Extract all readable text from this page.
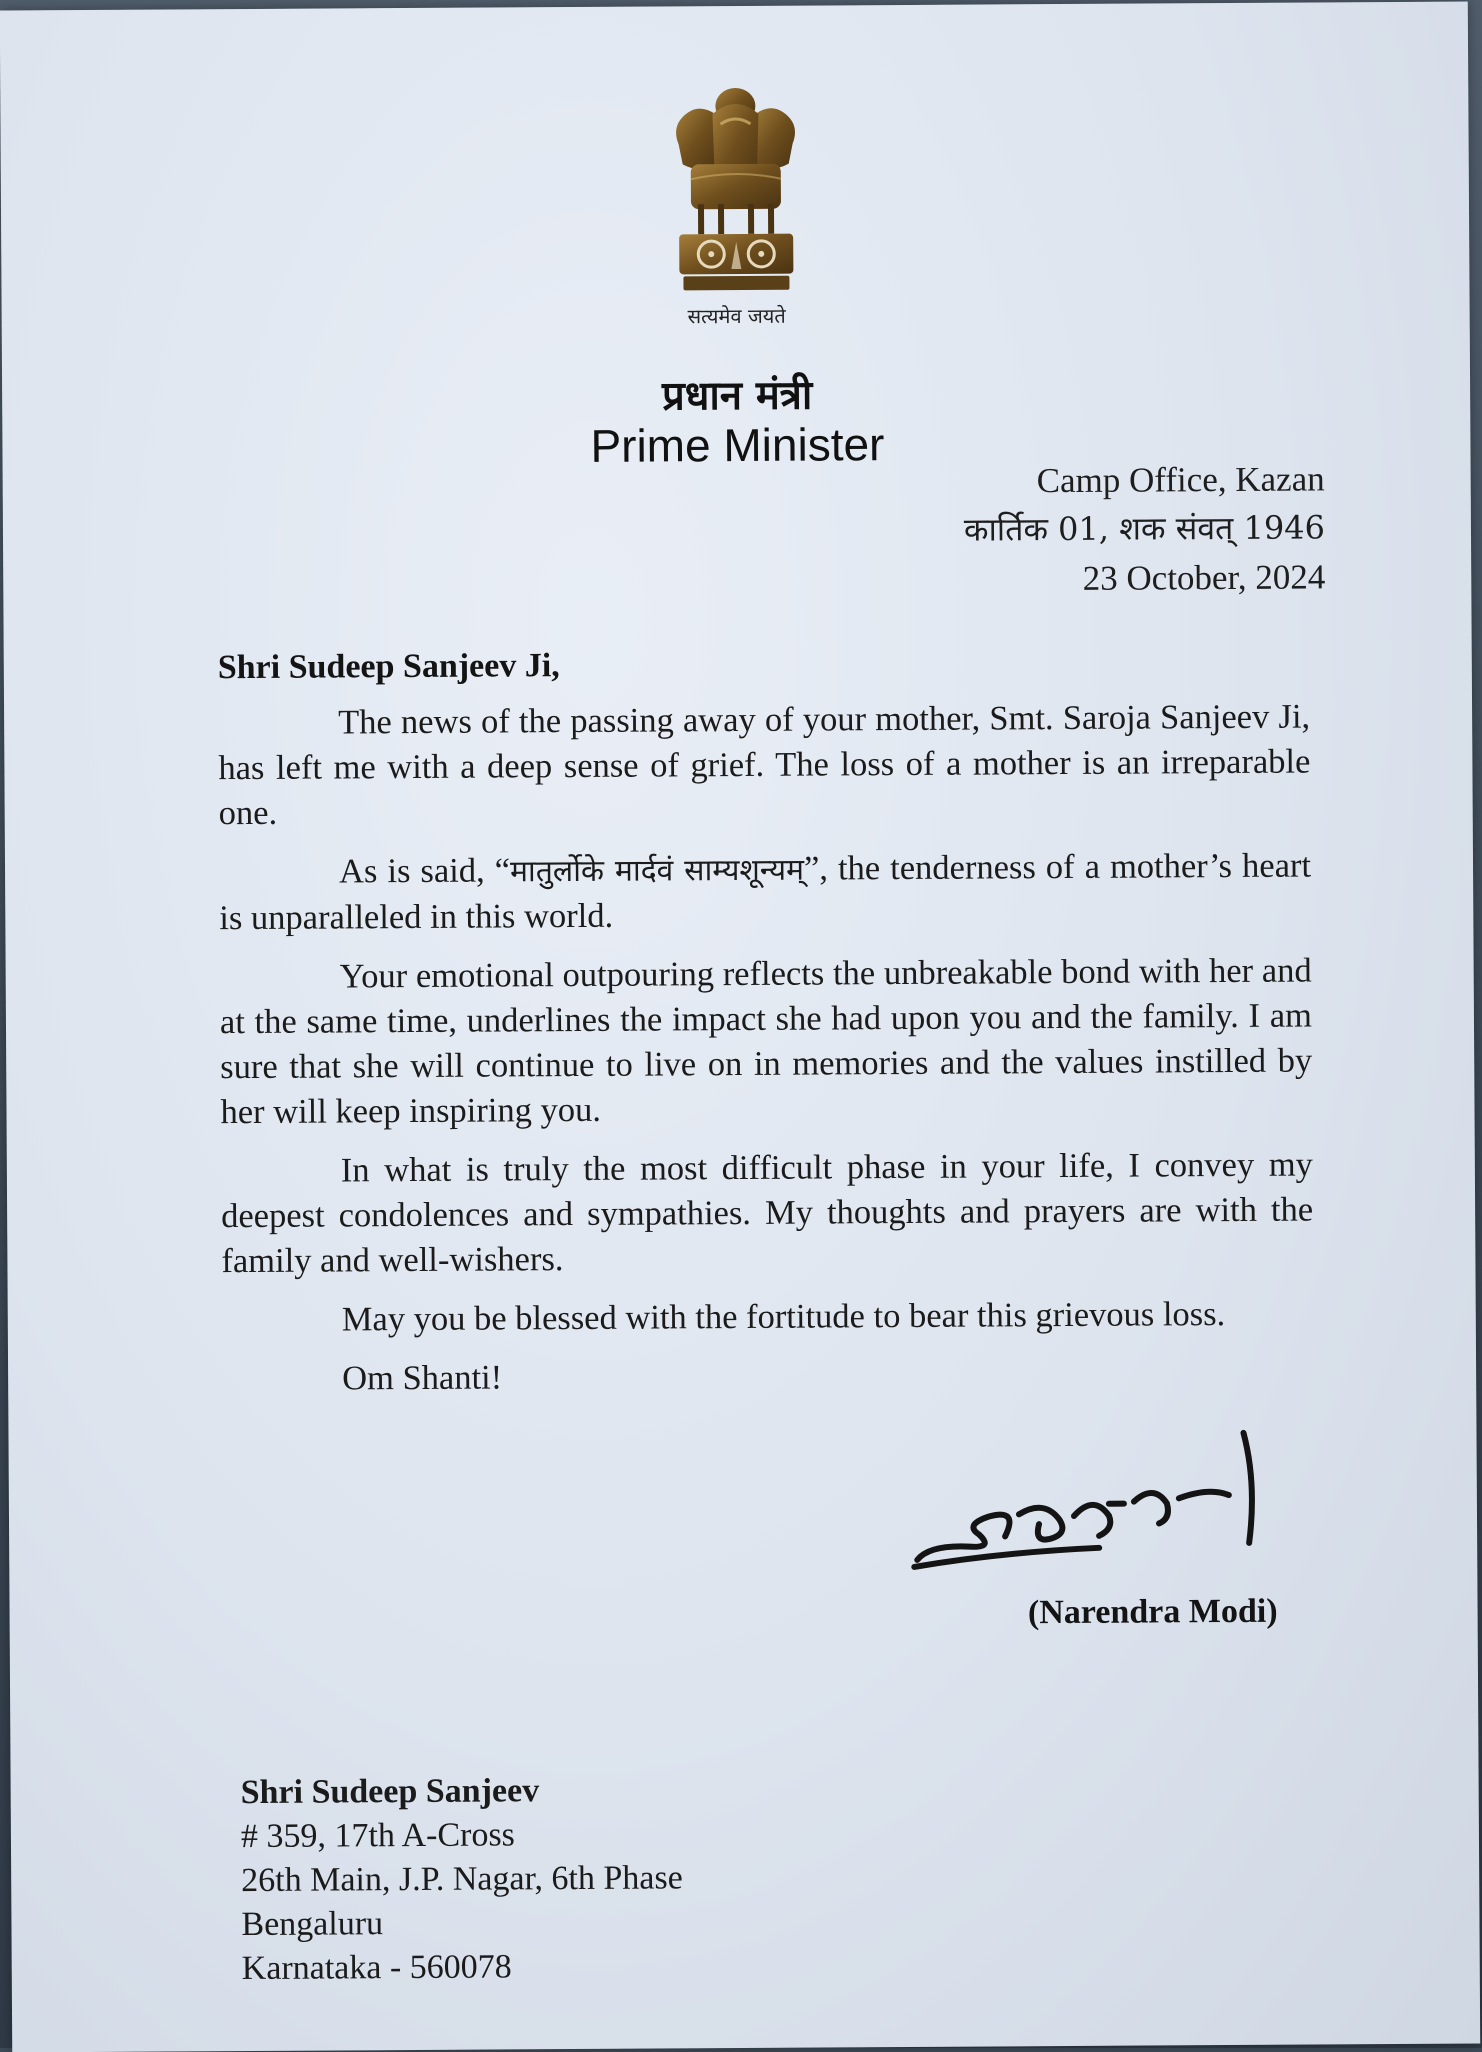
सत्यमेव जयते
प्रधान मंत्री
Prime Minister
Camp Office, Kazan
कार्तिक 01, शक संवत् 1946
23 October, 2024
Shri Sudeep Sanjeev Ji,

The news of the passing away of your mother, Smt. Saroja Sanjeev Ji, has left me with a deep sense of grief. The loss of a mother is an irreparable one.

As is said, “मातुर्लोके मार्दवं साम्यशून्यम्”, the tenderness of a mother’s heart is unparalleled in this world.

Your emotional outpouring reflects the unbreakable bond with her and at the same time, underlines the impact she had upon you and the family. I am sure that she will continue to live on in memories and the values instilled by her will keep inspiring you.

In what is truly the most difficult phase in your life, I convey my deepest condolences and sympathies. My thoughts and prayers are with the family and well-wishers.

May you be blessed with the fortitude to bear this grievous loss.

Om Shanti!

(Narendra Modi)
Shri Sudeep Sanjeev
# 359, 17th A-Cross
26th Main, J.P. Nagar, 6th Phase
Bengaluru
Karnataka - 560078
